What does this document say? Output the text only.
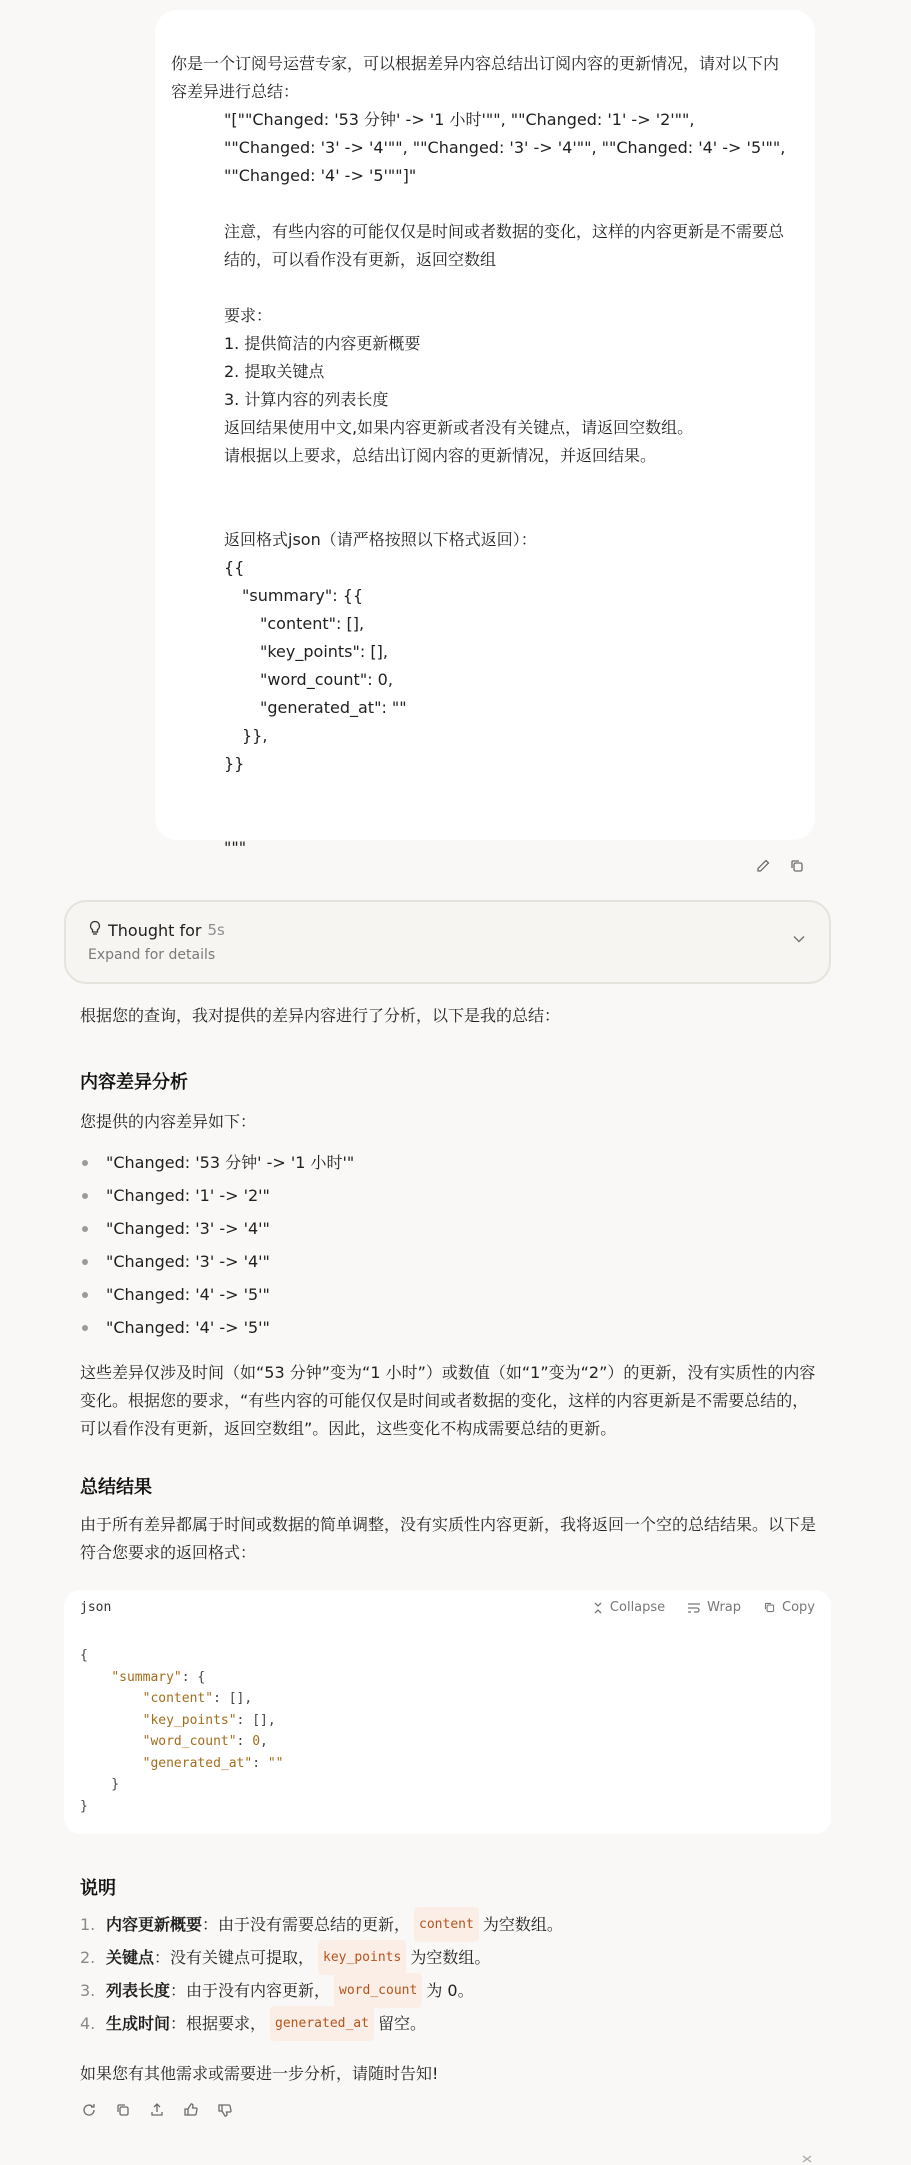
你是一个订阅号运营专家，可以根据差异内容总结出订阅内容的更新情况，请对以下内容差异进行总结：
"[""Changed: '53 分钟' -> '1 小时'"", ""Changed: '1' -> '2'"", ""Changed: '3' -> '4'"", ""Changed: '3' -> '4'"", ""Changed: '4' -> '5'"", ""Changed: '4' -> '5'""]"
注意，有些内容的可能仅仅是时间或者数据的变化，这样的内容更新是不需要总结的，可以看作没有更新，返回空数组
要求：
1. 提供简洁的内容更新概要
2. 提取关键点
3. 计算内容的列表长度
返回结果使用中文,如果内容更新或者没有关键点，请返回空数组。
请根据以上要求，总结出订阅内容的更新情况，并返回结果。
返回格式json（请严格按照以下格式返回）：
{{
"summary": {{
"content": [],
"key_points": [],
"word_count": 0,
"generated_at": ""
}},
}}
"""
Thought for 5s
Expand for details
根据您的查询，我对提供的差异内容进行了分析，以下是我的总结：
内容差异分析
您提供的内容差异如下：
"Changed: '53 分钟' -> '1 小时'"
"Changed: '1' -> '2'"
"Changed: '3' -> '4'"
"Changed: '3' -> '4'"
"Changed: '4' -> '5'"
"Changed: '4' -> '5'"
这些差异仅涉及时间（如“53 分钟”变为“1 小时”）或数值（如“1”变为“2”）的更新，没有实质性的内容变化。根据您的要求，“有些内容的可能仅仅是时间或者数据的变化，这样的内容更新是不需要总结的，可以看作没有更新，返回空数组”。因此，这些变化不构成需要总结的更新。
总结结果
由于所有差异都属于时间或数据的简单调整，没有实质性内容更新，我将返回一个空的总结结果。以下是符合您要求的返回格式：
json	Collapse	Wrap	Copy
{
"summary": {
"content": [],
"key_points": [],
"word_count": 0,
"generated_at": ""
}
}
说明
1. 内容更新概要 ：由于没有需要总结的更新， content 为空数组。
2. 关键点 ：没有关键点可提取， key_points 为空数组。
3. 列表长度 ：由于没有内容更新， word_count 为 0。
4. 生成时间 ：根据要求， generated_at 留空。
如果您有其他需求或需要进一步分析，请随时告知!
